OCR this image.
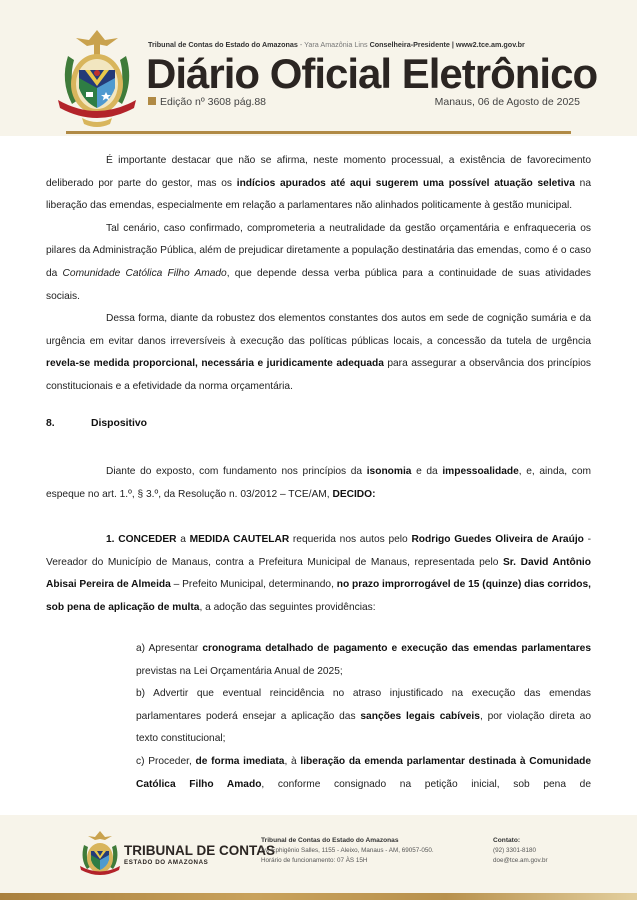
Tribunal de Contas do Estado do Amazonas - Yara Amazônia Lins Conselheira-Presidente | www2.tce.am.gov.br
Diário Oficial Eletrônico
Edição nº 3608 pág.88	Manaus, 06 de Agosto de 2025

É importante destacar que não se afirma, neste momento processual, a existência de favorecimento deliberado por parte do gestor, mas os indícios apurados até aqui sugerem uma possível atuação seletiva na liberação das emendas, especialmente em relação a parlamentares não alinhados politicamente à gestão municipal.

Tal cenário, caso confirmado, comprometeria a neutralidade da gestão orçamentária e enfraqueceria os pilares da Administração Pública, além de prejudicar diretamente a população destinatária das emendas, como é o caso da Comunidade Católica Filho Amado, que depende dessa verba pública para a continuidade de suas atividades sociais.

Dessa forma, diante da robustez dos elementos constantes dos autos em sede de cognição sumária e da urgência em evitar danos irreversíveis à execução das políticas públicas locais, a concessão da tutela de urgência revela-se medida proporcional, necessária e juridicamente adequada para assegurar a observância dos princípios constitucionais e a efetividade da norma orçamentária.

8.	Dispositivo

Diante do exposto, com fundamento nos princípios da isonomia e da impessoalidade, e, ainda, com espeque no art. 1.º, § 3.º, da Resolução n. 03/2012 – TCE/AM, DECIDO:

1. CONCEDER a MEDIDA CAUTELAR requerida nos autos pelo Rodrigo Guedes Oliveira de Araújo - Vereador do Município de Manaus, contra a Prefeitura Municipal de Manaus, representada pelo Sr. David Antônio Abisai Pereira de Almeida – Prefeito Municipal, determinando, no prazo improrrogável de 15 (quinze) dias corridos, sob pena de aplicação de multa, a adoção das seguintes providências:

a) Apresentar cronograma detalhado de pagamento e execução das emendas parlamentares previstas na Lei Orçamentária Anual de 2025;

b) Advertir que eventual reincidência no atraso injustificado na execução das emendas parlamentares poderá ensejar a aplicação das sanções legais cabíveis, por violação direta ao texto constitucional;

c) Proceder, de forma imediata, à liberação da emenda parlamentar destinada à Comunidade Católica Filho Amado, conforme consignado na petição inicial, sob pena de

TRIBUNAL DE CONTAS
ESTADO DO AMAZONAS
Tribunal de Contas do Estado do Amazonas
Av. Ephigênio Salles, 1155 - Aleixo, Manaus - AM, 69057-050.
Horário de funcionamento: 07 ÀS 15H
Contato:
(92) 3301-8180
doe@tce.am.gov.br
